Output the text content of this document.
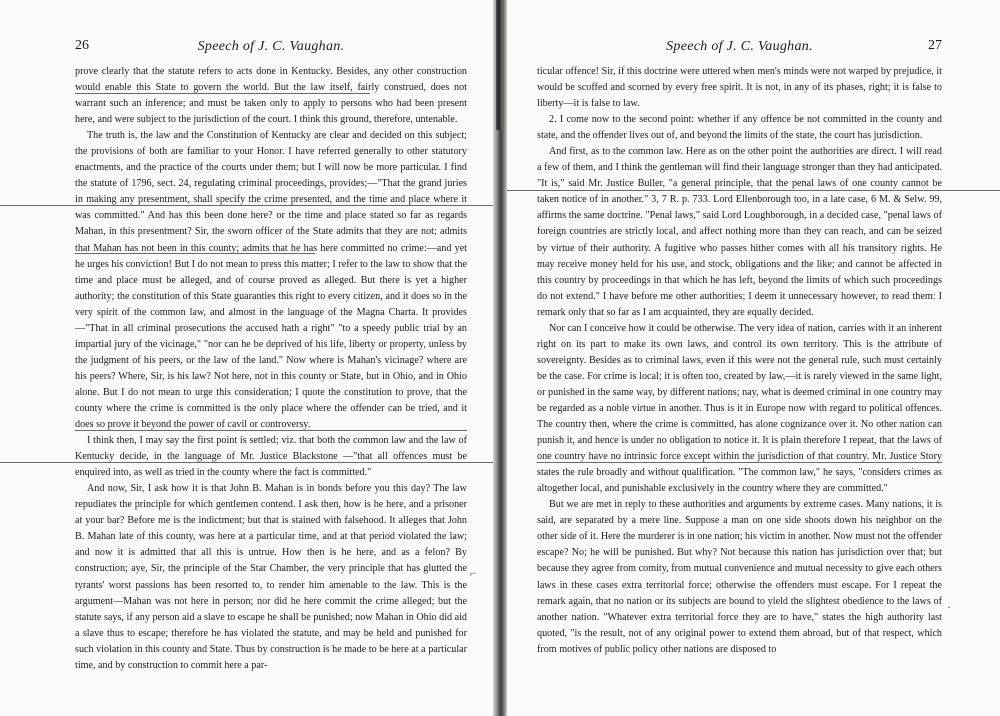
26	Speech of J. C. Vaughan.

prove clearly that the statute refers to acts done in Kentucky. Besides, any other construction would enable this State to govern the world. But the law itself, fairly construed, does not warrant such an inference; and must be taken only to apply to persons who had been present here, and were subject to the jurisdiction of the court. I think this ground, therefore, untenable.

The truth is, the law and the Constitution of Kentucky are clear and decided on this subject; the provisions of both are familiar to your Honor. I have referred generally to other statutory enactments, and the practice of the courts under them; but I will now be more particular. I find the statute of 1796, sect. 24, regulating criminal proceedings, provides;—"That the grand juries in making any presentment, shall specify the crime presented, and the time and place where it was committed." And has this been done here? or the time and place stated so far as regards Mahan, in this presentment? Sir, the sworn officer of the State admits that they are not; admits that Mahan has not been in this county; admits that he has here committed no crime:—and yet he urges his conviction! But I do not mean to press this matter; I refer to the law to show that the time and place must be alleged, and of course proved as alleged. But there is yet a higher authority; the constitution of this State guaranties this right to every citizen, and it does so in the very spirit of the common law, and almost in the language of the Magna Charta. It provides—"That in all criminal prosecutions the accused hath a right" "to a speedy public trial by an impartial jury of the vicinage," "nor can he be deprived of his life, liberty or property, unless by the judgment of his peers, or the law of the land." Now where is Mahan's vicinage? where are his peers? Where, Sir, is his law? Not here, not in this county or State, but in Ohio, and in Ohio alone. But I do not mean to urge this consideration; I quote the constitution to prove, that the county where the crime is committed is the only place where the offender can be tried, and it does so prove it beyond the power of cavil or controversy.

I think then, I may say the first point is settled; viz. that both the common law and the law of Kentucky decide, in the language of Mr. Justice Blackstone —"that all offences must be enquired into, as well as tried in the county where the fact is committed."

And now, Sir, I ask how it is that John B. Mahan is in bonds before you this day? The law repudiates the principle for which gentlemen contend. I ask then, how is he here, and a prisoner at your bar? Before me is the indictment; but that is stained with falsehood. It alleges that John B. Mahan late of this county, was here at a particular time, and at that period violated the law; and now it is admitted that all this is untrue. How then is he here, and as a felon? By construction; aye, Sir, the principle of the Star Chamber, the very principle that has glutted the tyrants' worst passions has been resorted to, to render him amenable to the law. This is the argument—Mahan was not here in person; nor did he here commit the crime alleged; but the statute says, if any person aid a slave to escape he shall be punished; now Mahan in Ohio did aid a slave thus to escape; therefore he has violated the statute, and may be held and punished for such violation in this county and State. Thus by construction is he made to be here at a particular time, and by construction to commit here a par-

⌐
Speech of J. C. Vaughan.	27

ticular offence! Sir, if this doctrine were uttered when men's minds were not warped by prejudice, it would be scoffed and scorned by every free spirit. It is not, in any of its phases, right; it is false to liberty—it is false to law.

2. I come now to the second point: whether if any offence be not committed in the county and state, and the offender lives out of, and beyond the limits of the state, the court has jurisdiction.

And first, as to the common law. Here as on the other point the authorities are direct. I will read a few of them, and I think the gentleman will find their language stronger than they had anticipated. "It is," said Mr. Justice Buller, "a general principle, that the penal laws of one county cannot be taken notice of in another." 3, 7 R. p. 733. Lord Ellenborough too, in a late case, 6 M. & Selw. 99, affirms the same doctrine. "Penal laws," said Lord Loughborough, in a decided case, "penal laws of foreign countries are strictly local, and affect nothing more than they can reach, and can be seized by virtue of their authority. A fugitive who passes hither comes with all his transitory rights. He may receive money held for his use, and stock, obligations and the like; and cannot be affected in this country by proceedings in that which he has left, beyond the limits of which such proceedings do not extend." I have before me other authorities; I deem it unnecessary however, to read them: I remark only that so far as I am acquainted, they are equally decided.

Nor can I conceive how it could be otherwise. The very idea of nation, carries with it an inherent right on its part to make its own laws, and control its own territory. This is the attribute of sovereignty. Besides as to criminal laws, even if this were not the general rule, such must certainly be the case. For crime is local; it is often too, created by law,—it is rarely viewed in the same light, or punished in the same way, by different nations; nay, what is deemed criminal in one country may be regarded as a noble virtue in another. Thus is it in Europe now with regard to political offences. The country then, where the crime is committed, has alone cognizance over it. No other nation can punish it, and hence is under no obligation to notice it. It is plain therefore I repeat, that the laws of one country have no intrinsic force except within the jurisdiction of that country. Mr. Justice Story states the rule broadly and without qualification. "The common law," he says, "considers crimes as altogether local, and punishable exclusively in the country where they are committed."

But we are met in reply to these authorities and arguments by extreme cases. Many nations, it is said, are separated by a mere line. Suppose a man on one side shoots down his neighbor on the other side of it. Here the murderer is in one nation; his victim in another. Now must not the offender escape? No; he will be punished. But why? Not because this nation has jurisdiction over that; but because they agree from comity, from mutual convenience and mutual necessity to give each others laws in these cases extra territorial force; otherwise the offenders must escape. For I repeat the remark again, that no nation or its subjects are bound to yield the slightest obedience to the laws of another nation. "Whatever extra territorial force they are to have," states the high authority last quoted, "is the result, not of any original power to extend them abroad, but of that respect, which from motives of public policy other nations are disposed to

·
